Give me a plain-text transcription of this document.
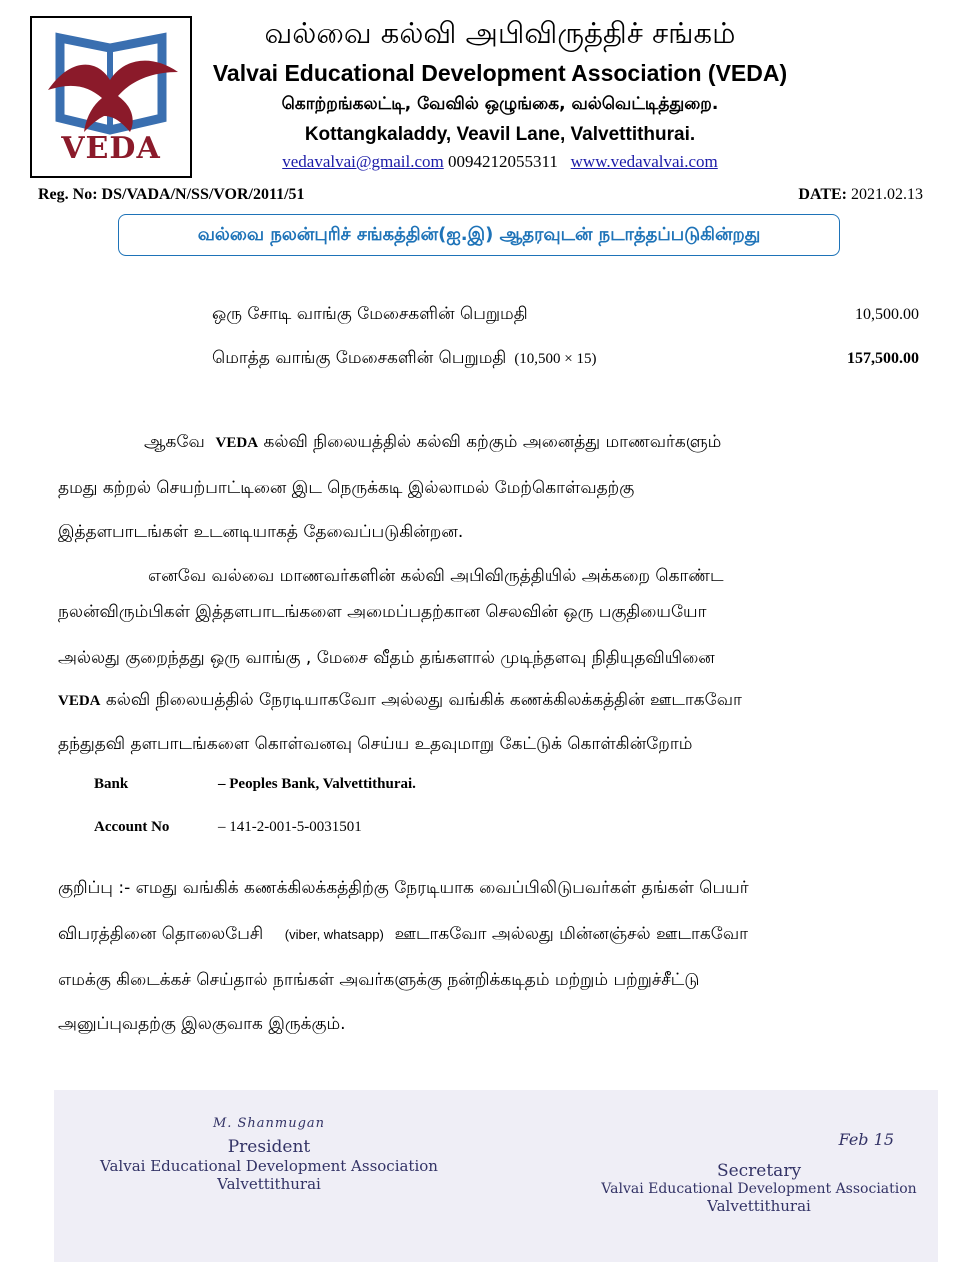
VEDA
வல்வை கல்வி அபிவிருத்திச் சங்கம்
Valvai Educational Development Association (VEDA)
கொற்றங்கலட்டி, வேவில் ஒழுங்கை, வல்வெட்டித்துறை.
Kottangkaladdy, Veavil Lane, Valvettithurai.
vedavalvai@gmail.com 0094212055311 www.vedavalvai.com
Reg. No: DS/VADA/N/SS/VOR/2011/51	DATE: 2021.02.13
வல்வை நலன்புரிச் சங்கத்தின்(ஐ.இ) ஆதரவுடன் நடாத்தப்படுகின்றது
ஒரு சோடி வாங்கு மேசைகளின் பெறுமதி	10,500.00
மொத்த வாங்கு மேசைகளின் பெறுமதி (10,500 × 15)	157,500.00
ஆகவே VEDA கல்வி நிலையத்தில் கல்வி கற்கும் அனைத்து மாணவர்களும்
தமது கற்றல் செயற்பாட்டினை இட நெருக்கடி இல்லாமல் மேற்கொள்வதற்கு
இத்தளபாடங்கள் உடனடியாகத் தேவைப்படுகின்றன.
எனவே வல்வை மாணவர்களின் கல்வி அபிவிருத்தியில் அக்கறை கொண்ட
நலன்விரும்பிகள் இத்தளபாடங்களை அமைப்பதற்கான செலவின் ஒரு பகுதியையோ
அல்லது குறைந்தது ஒரு வாங்கு , மேசை வீதம் தங்களால் முடிந்தளவு நிதியுதவியினை
VEDA கல்வி நிலையத்தில் நேரடியாகவோ அல்லது வங்கிக் கணக்கிலக்கத்தின் ஊடாகவோ
தந்துதவி தளபாடங்களை கொள்வனவு செய்ய உதவுமாறு கேட்டுக் கொள்கின்றோம்
Bank	– Peoples Bank, Valvettithurai.
Account No	– 141-2-001-5-0031501
குறிப்பு :- எமது வங்கிக் கணக்கிலக்கத்திற்கு நேரடியாக வைப்பிலிடுபவர்கள் தங்கள் பெயர்
விபரத்தினை தொலைபேசி (viber, whatsapp) ஊடாகவோ அல்லது மின்னஞ்சல் ஊடாகவோ
எமக்கு கிடைக்கச் செய்தால் நாங்கள் அவர்களுக்கு நன்றிக்கடிதம் மற்றும் பற்றுச்சீட்டு
அனுப்புவதற்கு இலகுவாக இருக்கும்.
M. Shanmugan
President
Valvai Educational Development Association
Valvettithurai
Feb 15
Secretary
Valvai Educational Development Association
Valvettithurai
